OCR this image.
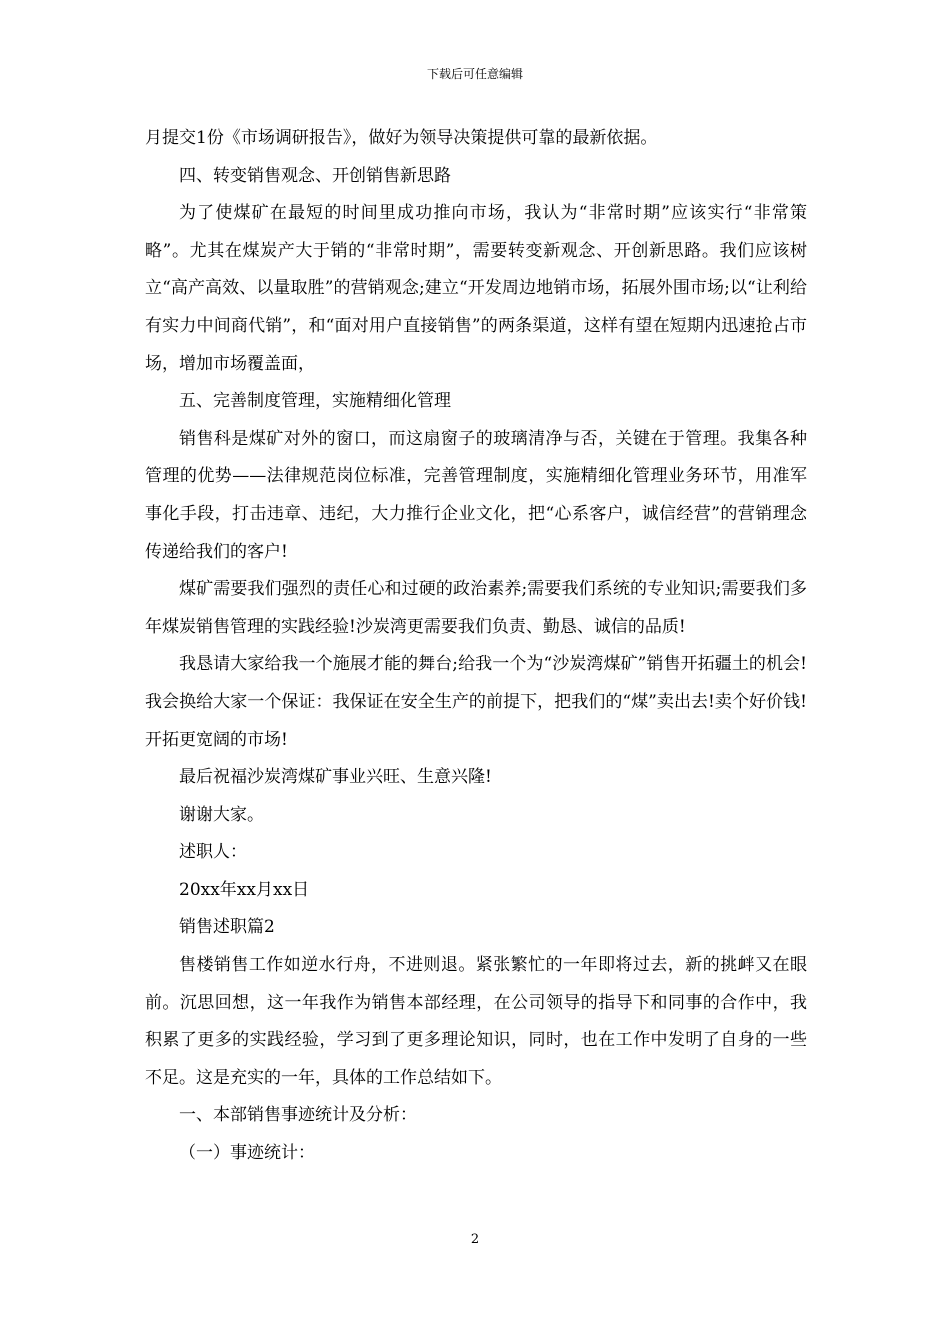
下载后可任意编辑

月提交1份《市场调研报告》，做好为领导决策提供可靠的最新依据。

四、转变销售观念、开创销售新思路

为了使煤矿在最短的时间里成功推向市场，我认为“非常时期”应该实行“非常策略”。尤其在煤炭产大于销的“非常时期”，需要转变新观念、开创新思路。我们应该树立“高产高效、以量取胜”的营销观念;建立“开发周边地销市场，拓展外围市场;以“让利给有实力中间商代销”，和“面对用户直接销售”的两条渠道，这样有望在短期内迅速抢占市场，增加市场覆盖面，

五、完善制度管理，实施精细化管理

销售科是煤矿对外的窗口，而这扇窗子的玻璃清净与否，关键在于管理。我集各种管理的优势——法律规范岗位标准，完善管理制度，实施精细化管理业务环节，用准军事化手段，打击违章、违纪，大力推行企业文化，把“心系客户，诚信经营”的营销理念传递给我们的客户!

煤矿需要我们强烈的责任心和过硬的政治素养;需要我们系统的专业知识;需要我们多年煤炭销售管理的实践经验!沙炭湾更需要我们负责、勤恳、诚信的品质!

我恳请大家给我一个施展才能的舞台;给我一个为“沙炭湾煤矿”销售开拓疆土的机会!我会换给大家一个保证：我保证在安全生产的前提下，把我们的“煤”卖出去!卖个好价钱!开拓更宽阔的市场!

最后祝福沙炭湾煤矿事业兴旺、生意兴隆!

谢谢大家。

述职人：

20xx年xx月xx日

销售述职篇2

售楼销售工作如逆水行舟，不进则退。紧张繁忙的一年即将过去，新的挑衅又在眼前。沉思回想，这一年我作为销售本部经理，在公司领导的指导下和同事的合作中，我积累了更多的实践经验，学习到了更多理论知识，同时，也在工作中发明了自身的一些不足。这是充实的一年，具体的工作总结如下。

一、本部销售事迹统计及分析：

（一）事迹统计：

2
